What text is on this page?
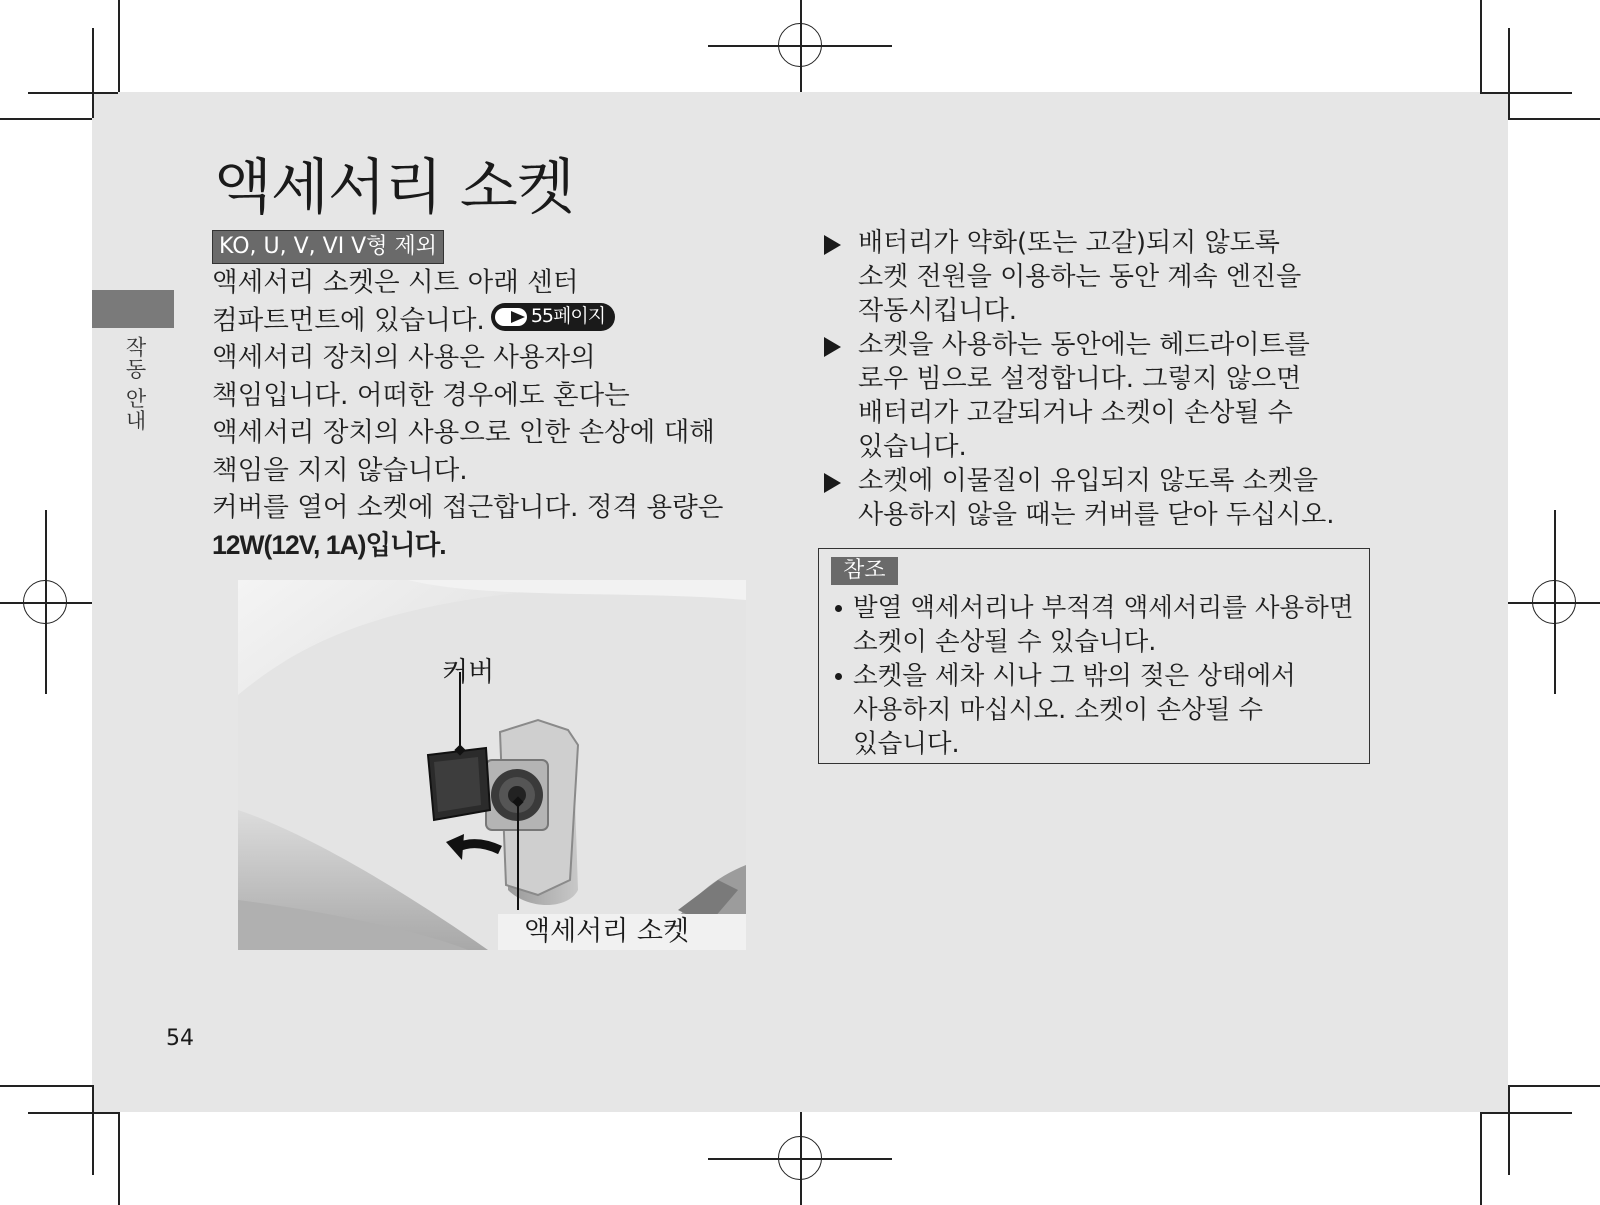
작동 안내
액세서리 소켓
KO, U, V, VI V형 제외

액세서리 소켓은 시트 아래 센터

컴파트먼트에 있습니다. 55페이지

액세서리 장치의 사용은 사용자의

책임입니다. 어떠한 경우에도 혼다는

액세서리 장치의 사용으로 인한 손상에 대해

책임을 지지 않습니다.

커버를 열어 소켓에 접근합니다. 정격 용량은

12W(12V, 1A)입니다.

커버
액세서리 소켓

배터리가 약화(또는 고갈)되지 않도록

소켓 전원을 이용하는 동안 계속 엔진을

작동시킵니다.

소켓을 사용하는 동안에는 헤드라이트를

로우 빔으로 설정합니다. 그렇지 않으면

배터리가 고갈되거나 소켓이 손상될 수

있습니다.

소켓에 이물질이 유입되지 않도록 소켓을

사용하지 않을 때는 커버를 닫아 두십시오.

참조

발열 액세서리나 부적격 액세서리를 사용하면

소켓이 손상될 수 있습니다.

소켓을 세차 시나 그 밖의 젖은 상태에서

사용하지 마십시오. 소켓이 손상될 수

있습니다.

54
